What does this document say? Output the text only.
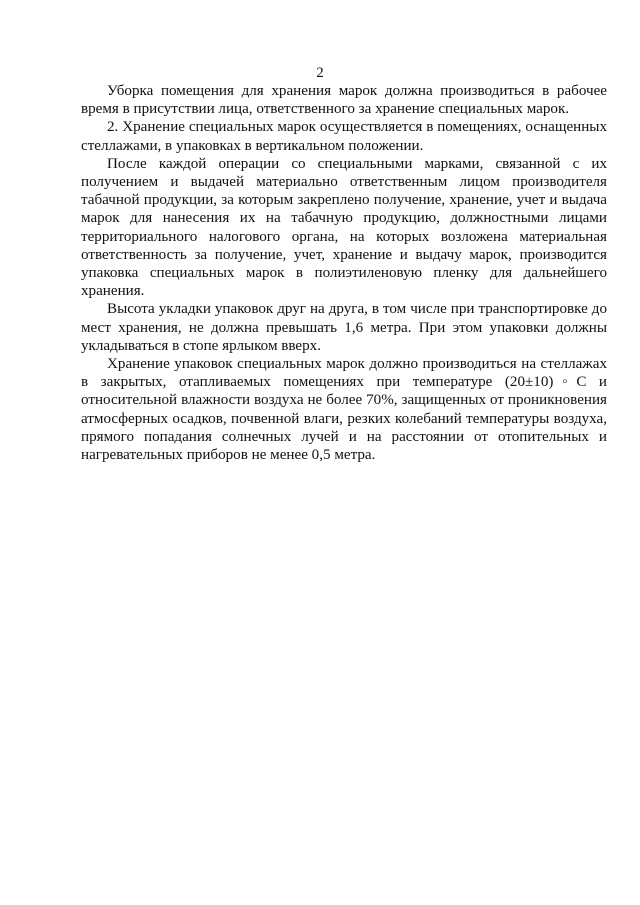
2

Уборка помещения для хранения марок должна производиться в рабочее время в присутствии лица, ответственного за хранение специальных марок.

2. Хранение специальных марок осуществляется в помещениях, оснащенных стеллажами, в упаковках в вертикальном положении.

После каждой операции со специальными марками, связанной с их получением и выдачей материально ответственным лицом производителя табачной продукции, за которым закреплено получение, хранение, учет и выдача марок для нанесения их на табачную продукцию, должностными лицами территориального налогового органа, на которых возложена материальная ответственность за получение, учет, хранение и выдачу марок, производится упаковка специальных марок в полиэтиленовую пленку для дальнейшего хранения.

Высота укладки упаковок друг на друга, в том числе при транспортировке до мест хранения, не должна превышать 1,6 метра. При этом упаковки должны укладываться в стопе ярлыком вверх.

Хранение упаковок специальных марок должно производиться на стеллажах в закрытых, отапливаемых помещениях при температуре (20±10)◦С и относительной влажности воздуха не более 70%, защищенных от проникновения атмосферных осадков, почвенной влаги, резких колебаний температуры воздуха, прямого попадания солнечных лучей и на расстоянии от отопительных и нагревательных приборов не менее 0,5 метра.
